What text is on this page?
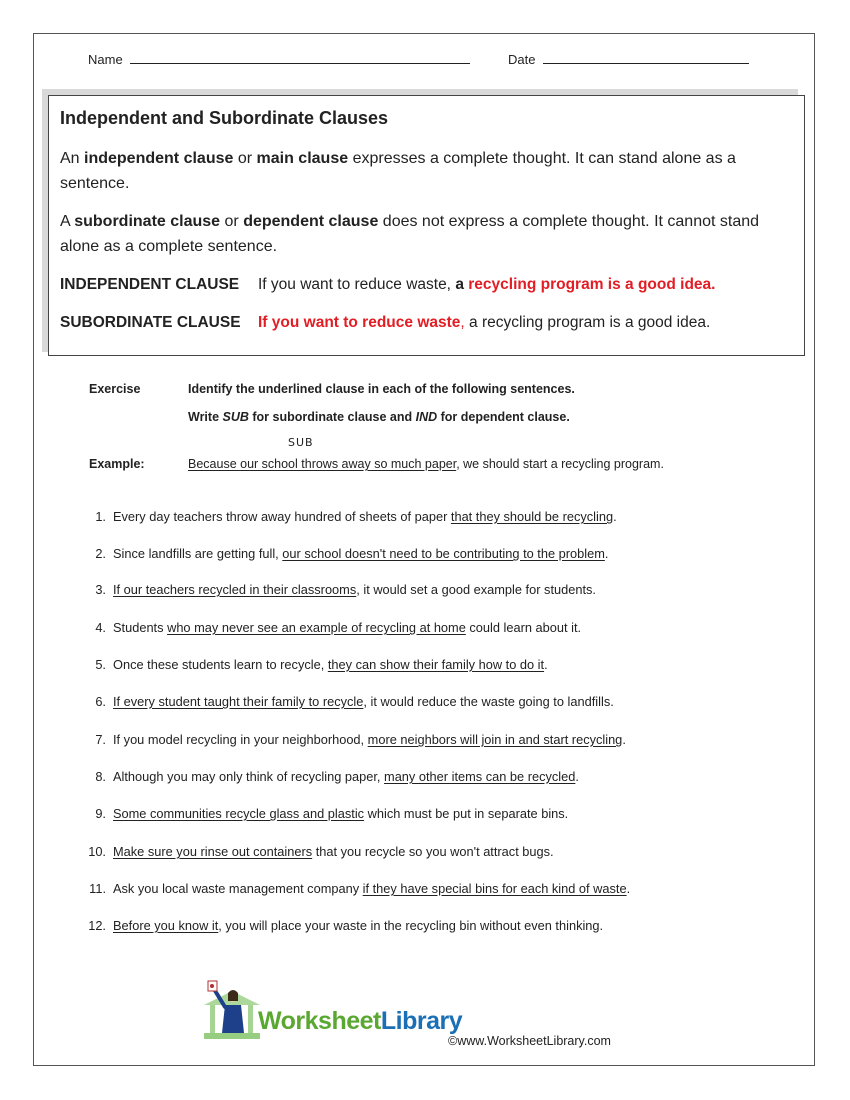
Name	Date
Independent and Subordinate Clauses
An independent clause or main clause expresses a complete thought. It can stand alone as a sentence.
A subordinate clause or dependent clause does not express a complete thought. It cannot stand alone as a complete sentence.
INDEPENDENT CLAUSE If you want to reduce waste, a recycling program is a good idea.
SUBORDINATE CLAUSE If you want to reduce waste, a recycling program is a good idea.
Exercise	Identify the underlined clause in each of the following sentences.
Write SUB for subordinate clause and IND for dependent clause.
SUB
Example:	Because our school throws away so much paper, we should start a recycling program.
1. Every day teachers throw away hundred of sheets of paper that they should be recycling.
2. Since landfills are getting full, our school doesn't need to be contributing to the problem.
3. If our teachers recycled in their classrooms, it would set a good example for students.
4. Students who may never see an example of recycling at home could learn about it.
5. Once these students learn to recycle, they can show their family how to do it.
6. If every student taught their family to recycle, it would reduce the waste going to landfills.
7. If you model recycling in your neighborhood, more neighbors will join in and start recycling.
8. Although you may only think of recycling paper, many other items can be recycled.
9. Some communities recycle glass and plastic which must be put in separate bins.
10. Make sure you rinse out containers that you recycle so you won't attract bugs.
11. Ask you local waste management company if they have special bins for each kind of waste.
12. Before you know it, you will place your waste in the recycling bin without even thinking.
WorksheetLibrary
©www.WorksheetLibrary.com
